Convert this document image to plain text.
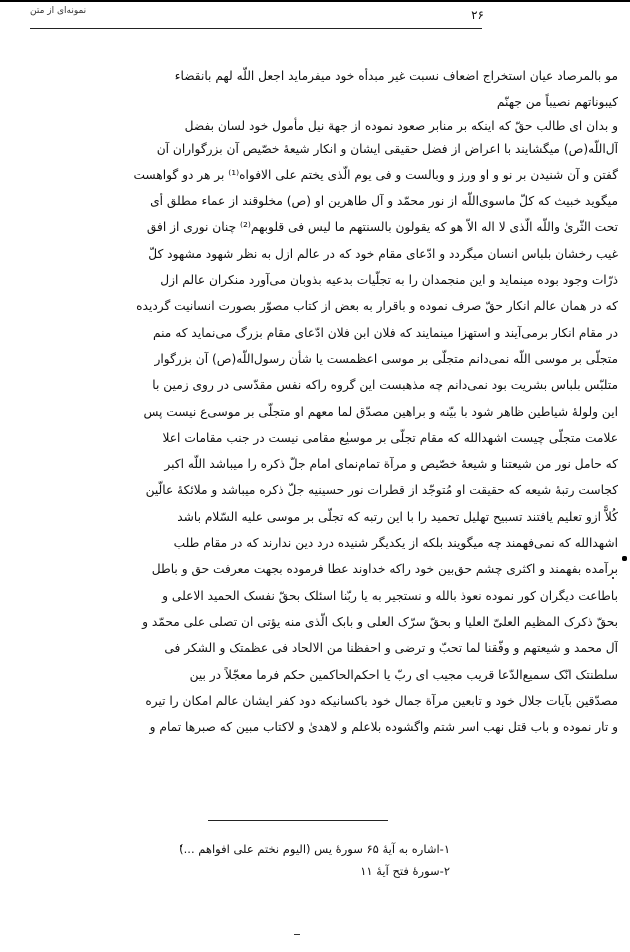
نمونه‌ای از متن	۲۶
مو بالمرصاد عیان استخراج اضعاف نسبت غیر مبدأه خود میفرماید اجعل اللّه لهم بانقضاء
کیبوناتهم نصیباً من جهنّم
و بدان ای طالب حقّ که اینکه بر منابر صعود نموده از جهة نیل مأمول خود لسان بفضل
آل‌اللّه(ص) میگشایند با اعراض از فضل حقیقی ایشان و انکار شیعهٔ خصّیص آن بزرگواران آن
گفتن و آن شنیدن بر نو و او ورز و وبالست و فی یوم الّذی یختم علی الافواه⁽¹⁾ بر هر دو گواهست
میگوید خبیث که کلّ ماسوی‌اللّه از نور محمّد و آل طاهرین او (ص) مخلوقند از عماء مطلق أی
تحت الثّریٰ واللّه الّذی لا اله الاّ هو که یقولون بالسنتهم ما لیس فی قلوبهم⁽²⁾ چنان نوری از افق
غیب رخشان بلباس انسان میگردد و ادّعای مقام خود که در عالم ازل به نظر شهود مشهود کلّ
ذرّات وجود بوده مینماید و این منجمدان را به تجلّیات بدعیه بذوبان می‌آورد منکران عالم ازل
که در همان عالم انکار حقّ صرف نموده و باقرار به بعض از کتاب مصوّر بصورت انسانیت گردیده
در مقام انکار برمی‌آیند و استهزا مینمایند که فلان ابن فلان ادّعای مقام بزرگ می‌نماید که منم
متجلّی بر موسی اللّه نمی‌دانم متجلّی بر موسی اعظمست یا شأن رسول‌اللّه(ص) آن بزرگوار
متلبّس بلباس بشریت بود نمی‌دانم چه مذهبست این گروه راکه نفس مقدّسی در روی زمین با
این ولولهٔ شیاطین ظاهر شود با بیّنه و براهین مصدّق لما معهم او متجلّی بر موسی‌ع نیست پس
علامت متجلّی چیست اشهدالله که مقام تجلّی بر موسیٰع مقامی نیست در جنب مقامات اعلا
که حامل نور من شیعتنا و شیعهٔ خصّیص و مرآة تمام‌نمای امام جلّ ذکره را میباشد اللّه اکبر
کجاست رتبهٔ شیعه که حقیقت او مُتوجّد از قطرات نور حسینیه جلّ ذکره میباشد و ملائکهٔ عالّین
کُلاًّ ازو تعلیم یافتند تسبیح تهلیل تحمید را با این رتبه که تجلّی بر موسی علیه السّلام باشد
اشهدالله که نمی‌فهمند چه میگویند بلکه از یکدیگر شنیده درد دین ندارند که در مقام طلب
برآمده بفهمند و اکثری چشم حق‌بین خود راکه خداوند عطا فرموده بجهت معرفت حق و باطل
باطاعت دیگران کور نموده نعوذ بالله و نستجیر به یا ربّنا اسئلک بحقّ نفسک الحمید الاعلی و
بحقّ ذکرک المظیم العلیّ العلیا و بحقّ سرّک العلی و بابک الّذی منه یؤتی ان تصلی علی محمّد و
آل محمد و شیعتهم و وفّقنا لما تحبّ و ترضی و احفظنا من الالحاد فی عظمتک و الشکر فی
سلطنتک انّک سمیع‌الدّعا قریب مجیب ای ربّ یا احکم‌الحاکمین حکم فرما معجّلاً در بین
مصدّقین بآیات جلال خود و تابعین مرآة جمال خود باکسانیکه دود کفر ایشان عالم امکان را تیره
و تار نموده و باب قتل نهب اسر شتم واگشوده بلاعلم و لاهدیٰ و لاکتاب مبین که صبرها تمام و
۱-اشاره به آیهٔ ۶۵ سورهٔ یس (الیوم نختم علی افواهم ...)
۲-سورهٔ فتح آیهٔ ۱۱
